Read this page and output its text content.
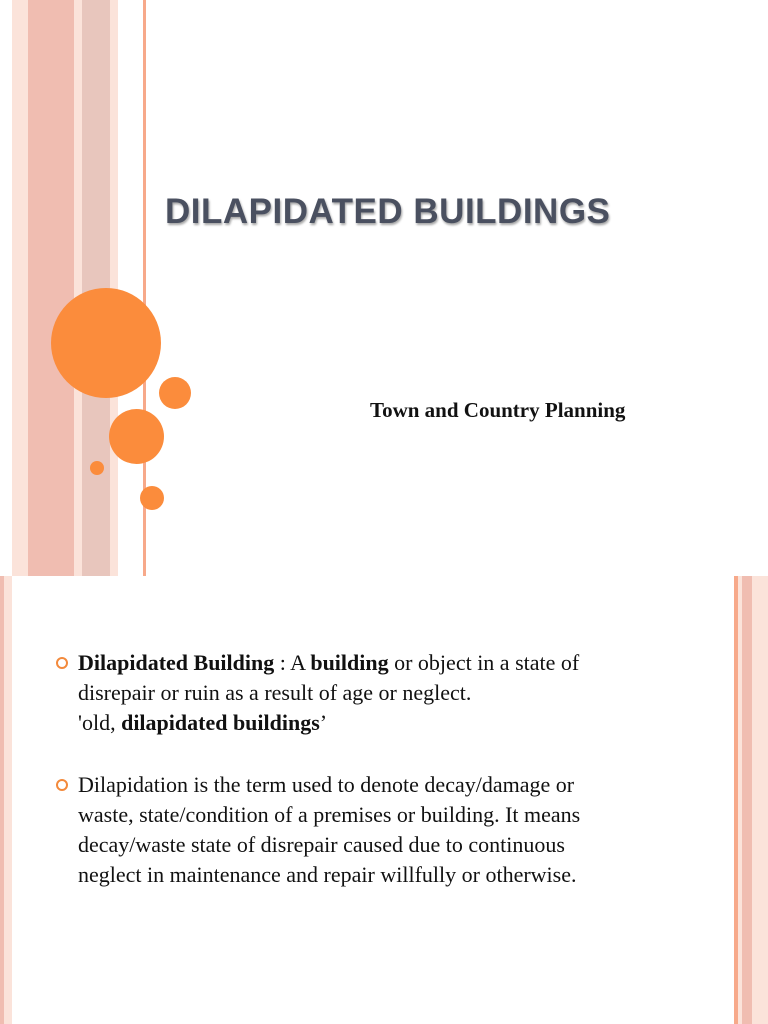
DILAPIDATED BUILDINGS
Town and Country Planning
Dilapidated Building : A building or object in a state of
disrepair or ruin as a result of age or neglect.
'old, dilapidated buildings’
Dilapidation is the term used to denote decay/damage or
waste, state/condition of a premises or building. It means
decay/waste state of disrepair caused due to continuous
neglect in maintenance and repair willfully or otherwise.
